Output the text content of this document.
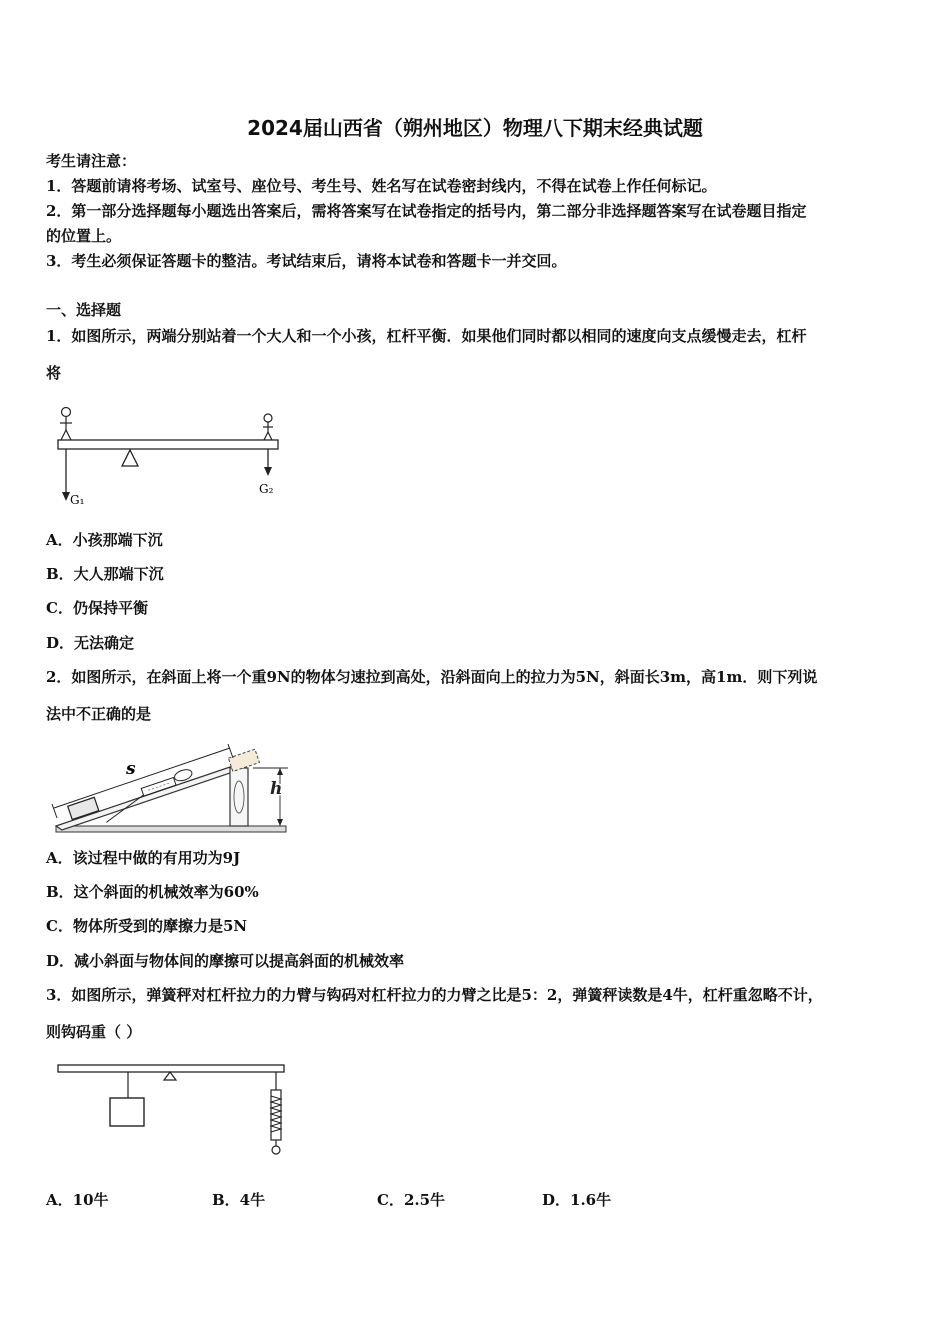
2024届山西省（朔州地区）物理八下期末经典试题
考生请注意：
1．答题前请将考场、试室号、座位号、考生号、姓名写在试卷密封线内，不得在试卷上作任何标记。
2．第一部分选择题每小题选出答案后，需将答案写在试卷指定的括号内，第二部分非选择题答案写在试卷题目指定
的位置上。
3．考生必须保证答题卡的整洁。考试结束后，请将本试卷和答题卡一并交回。
一、选择题
1．如图所示，两端分别站着一个大人和一个小孩，杠杆平衡．如果他们同时都以相同的速度向支点缓慢走去，杠杆
将
G₁
G₂
A．小孩那端下沉
B．大人那端下沉
C．仍保持平衡
D．无法确定
2．如图所示，在斜面上将一个重9N的物体匀速拉到高处，沿斜面向上的拉力为5N，斜面长3m，高1m．则下列说
法中不正确的是
s
h
A．该过程中做的有用功为9J
B．这个斜面的机械效率为60%
C．物体所受到的摩擦力是5N
D．减小斜面与物体间的摩擦可以提高斜面的机械效率
3．如图所示，弹簧秤对杠杆拉力的力臂与钩码对杠杆拉力的力臂之比是5：2，弹簧秤读数是4牛，杠杆重忽略不计，
则钩码重（ ）
A．10牛	B．4牛	C．2.5牛	D．1.6牛
